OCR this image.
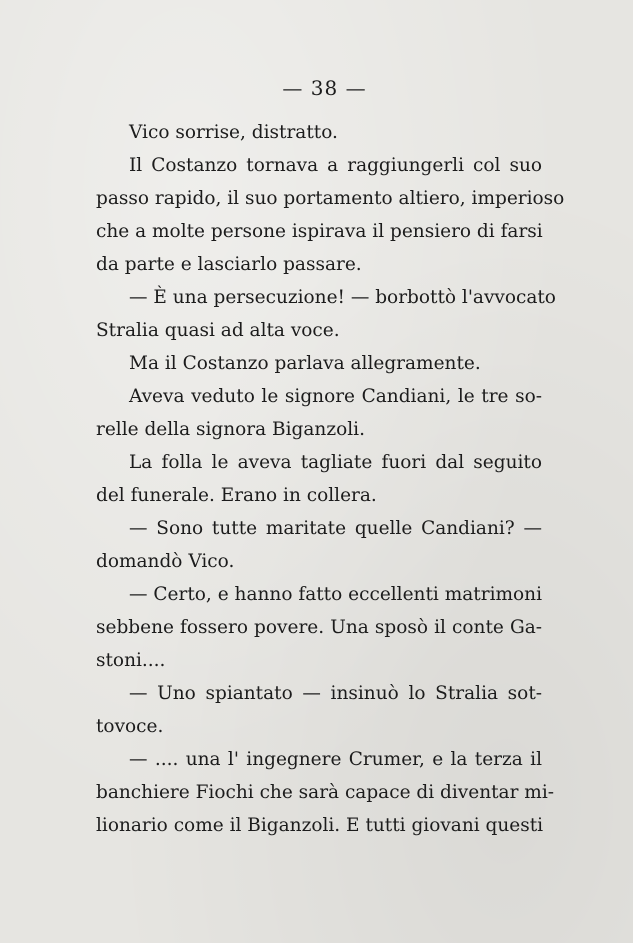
— 38 —
Vico sorrise, distratto.
Il Costanzo tornava a raggiungerli col suo
passo rapido, il suo portamento altiero, imperioso
che a molte persone ispirava il pensiero di farsi
da parte e lasciarlo passare.
— È una persecuzione! — borbottò l'avvocato
Stralia quasi ad alta voce.
Ma il Costanzo parlava allegramente.
Aveva veduto le signore Candiani, le tre so-
relle della signora Biganzoli.
La folla le aveva tagliate fuori dal seguito
del funerale. Erano in collera.
— Sono tutte maritate quelle Candiani? —
domandò Vico.
— Certo, e hanno fatto eccellenti matrimoni
sebbene fossero povere. Una sposò il conte Ga-
stoni....
— Uno spiantato — insinuò lo Stralia sot-
tovoce.
— .... una l' ingegnere Crumer, e la terza il
banchiere Fiochi che sarà capace di diventar mi-
lionario come il Biganzoli. E tutti giovani questi
